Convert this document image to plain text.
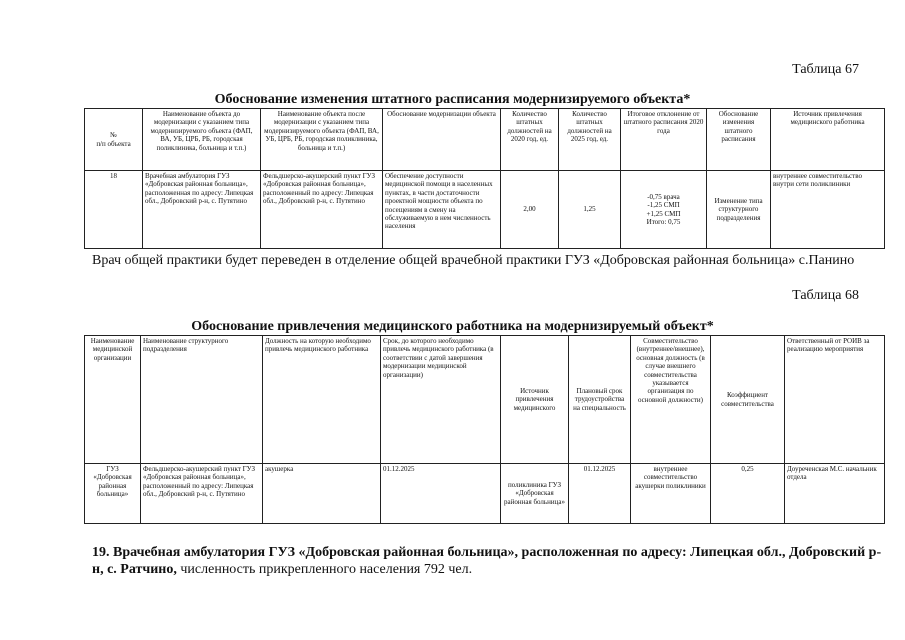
Таблица 67
Обоснование изменения штатного расписания модернизируемого объекта*
№
п/п объекта	Наименование объекта до модернизации с указанием типа модернизируемого объекта (ФАП, ВА, УБ, ЦРБ, РБ, городская поликлиника, больница и т.п.)	Наименование объекта после модернизации с указанием типа модернизируемого объекта (ФАП, ВА, УБ, ЦРБ, РБ, городская поликлиника, больница и т.п.)	Обоснование модернизации объекта	Количество штатных должностей на 2020 год, ед.	Количество штатных должностей на 2025 год, ед.	Итоговое отклонение от штатного расписания 2020 года	Обоснование изменения штатного расписания	Источник привлечения медицинского работника
18	Врачебная амбулатория ГУЗ «Добровская районная больница», расположенная по адресу: Липецкая обл., Добровский р-н, с. Путятино	Фельдшерско-акушерский пункт ГУЗ «Добровская районная больница», расположенный по адресу: Липецкая обл., Добровский р-н, с. Путятино	Обеспечение доступности медицинской помощи в населенных пунктах, в части достаточности проектной мощности объекта по посещениям в смену на обслуживаемую в нем численность населения	2,00	1,25	-0,75 врача
-1,25 СМП
+1,25 СМП
Итого: 0,75	Изменение типа структурного подразделения	внутреннее совместительство внутри сети поликлиники
Врач общей практики будет переведен в отделение общей врачебной практики ГУЗ «Добровская районная больница» с.Панино
Таблица 68
Обоснование привлечения медицинского работника на модернизируемый объект*
Наименование медицинской организации	Наименование структурного подразделения	Должность на которую необходимо привлечь медицинского работника	Срок, до которого необходимо привлечь медицинского работника (в соответствии с датой завершения модернизации медицинской организации)	Источник привлечения медицинского	Плановый срок трудоустройства на специальность	Совместительство (внутреннее/внешнее), основная должность (в случае внешнего совместительства указывается организация по основной должности)	Коэффициент совместительства	Ответственный от РОИВ за реализацию мероприятия
ГУЗ «Добровская районная больница»	Фельдшерско-акушерский пункт ГУЗ «Добровская районная больница», расположенный по адресу: Липецкая обл., Добровский р-н, с. Путятино	акушерка	01.12.2025	поликлиника ГУЗ «Добровская районная больница»	01.12.2025	внутреннее совместительство акушерки поликлиники	0,25	Доуреченская М.С. начальник отдела
19. Врачебная амбулатория ГУЗ «Добровская районная больница», расположенная по адресу: Липецкая обл., Добровский р-н, с. Ратчино, численность прикрепленного населения 792 чел.
